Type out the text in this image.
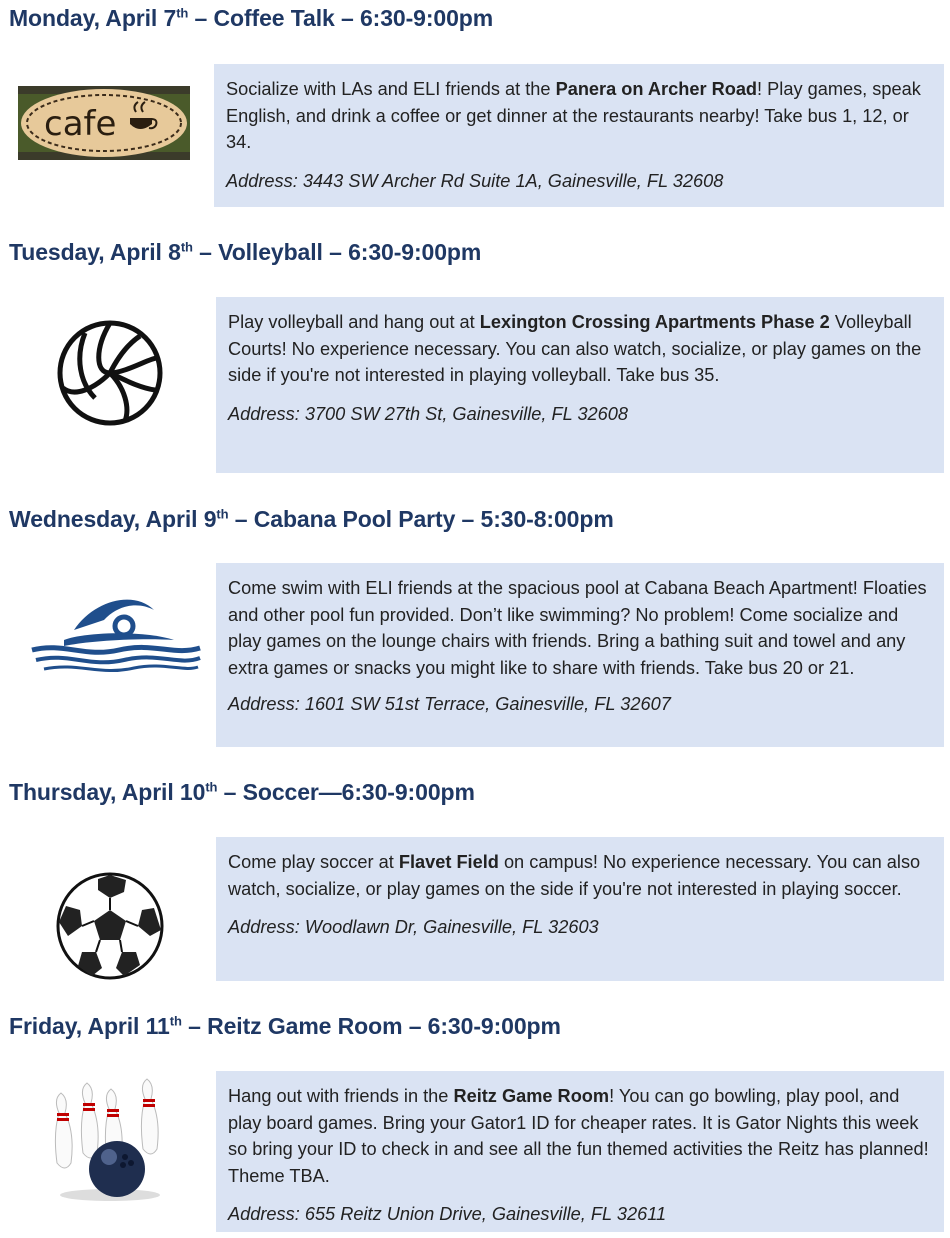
Monday, April 7th – Coffee Talk – 6:30-9:00pm
cafe

Socialize with LAs and ELI friends at the Panera on Archer Road! Play games, speak English, and drink a coffee or get dinner at the restaurants nearby! Take bus 1, 12, or 34.

Address: 3443 SW Archer Rd Suite 1A, Gainesville, FL 32608

Tuesday, April 8th – Volleyball – 6:30-9:00pm

Play volleyball and hang out at Lexington Crossing Apartments Phase 2 Volleyball Courts! No experience necessary. You can also watch, socialize, or play games on the side if you're not interested in playing volleyball. Take bus 35.

Address: 3700 SW 27th St, Gainesville, FL 32608

Wednesday, April 9th – Cabana Pool Party – 5:30-8:00pm

Come swim with ELI friends at the spacious pool at Cabana Beach Apartment! Floaties and other pool fun provided. Don’t like swimming? No problem! Come socialize and play games on the lounge chairs with friends. Bring a bathing suit and towel and any extra games or snacks you might like to share with friends. Take bus 20 or 21.

Address: 1601 SW 51st Terrace, Gainesville, FL 32607

Thursday, April 10th – Soccer—6:30-9:00pm

Come play soccer at Flavet Field on campus! No experience necessary. You can also watch, socialize, or play games on the side if you're not interested in playing soccer.

Address: Woodlawn Dr, Gainesville, FL 32603

Friday, April 11th – Reitz Game Room – 6:30-9:00pm

Hang out with friends in the Reitz Game Room! You can go bowling, play pool, and play board games. Bring your Gator1 ID for cheaper rates. It is Gator Nights this week so bring your ID to check in and see all the fun themed activities the Reitz has planned! Theme TBA.

Address: 655 Reitz Union Drive, Gainesville, FL 32611
